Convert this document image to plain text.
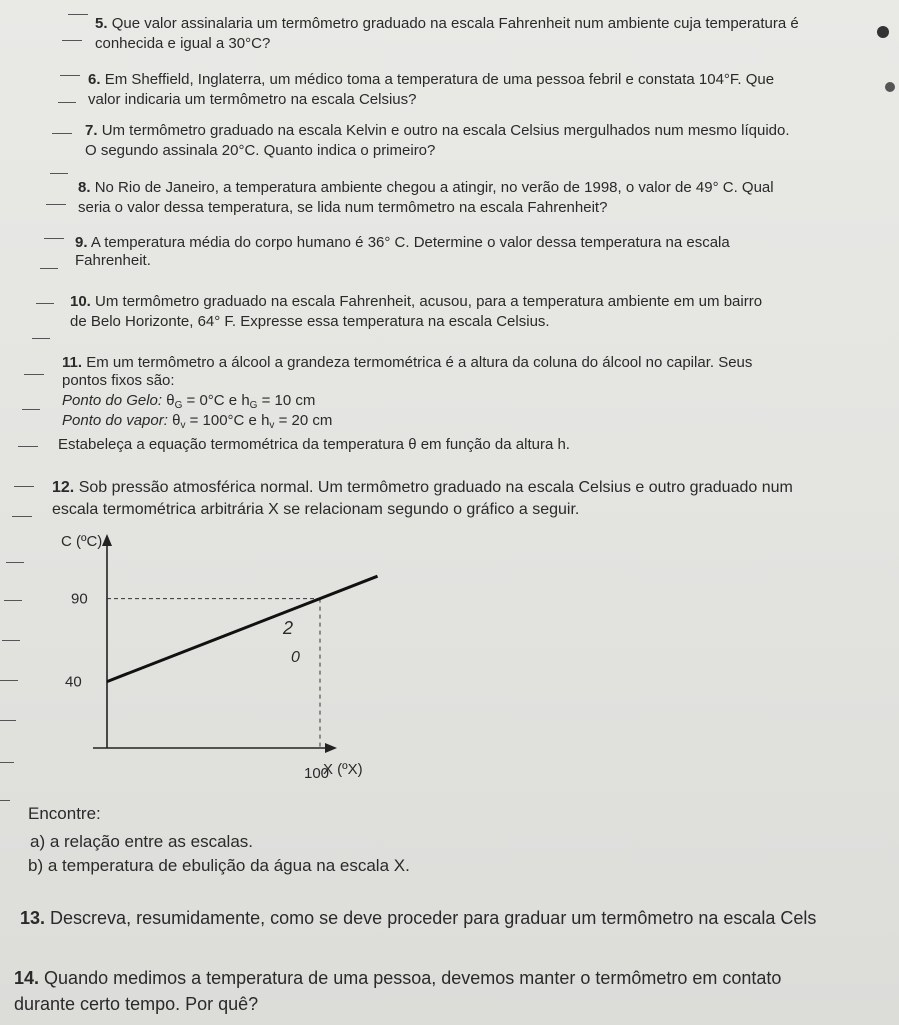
5. Que valor assinalaria um termômetro graduado na escala Fahrenheit num ambiente cuja temperatura é
conhecida e igual a 30°C?
6. Em Sheffield, Inglaterra, um médico toma a temperatura de uma pessoa febril e constata 104°F. Que
valor indicaria um termômetro na escala Celsius?
7. Um termômetro graduado na escala Kelvin e outro na escala Celsius mergulhados num mesmo líquido.
O segundo assinala 20°C. Quanto indica o primeiro?
8. No Rio de Janeiro, a temperatura ambiente chegou a atingir, no verão de 1998, o valor de 49° C. Qual
seria o valor dessa temperatura, se lida num termômetro na escala Fahrenheit?
9. A temperatura média do corpo humano é 36° C. Determine o valor dessa temperatura na escala
Fahrenheit.
10. Um termômetro graduado na escala Fahrenheit, acusou, para a temperatura ambiente em um bairro
de Belo Horizonte, 64° F. Expresse essa temperatura na escala Celsius.
11. Em um termômetro a álcool a grandeza termométrica é a altura da coluna do álcool no capilar. Seus
pontos fixos são:
Ponto do Gelo: $\theta_G = 0^\circ C$ e $h_G = 10$ cm
Ponto do vapor: $\theta_v = 100^\circ C$ e $h_v = 20$ cm
Estabeleça a equação termométrica da temperatura θ em função da altura h.
12. Sob pressão atmosférica normal. Um termômetro graduado na escala Celsius e outro graduado num
escala termométrica arbitrária X se relacionam segundo o gráfico a seguir.
100
90
40
C (ºC)
X (ºX)
2
0
Encontre:
a) a relação entre as escalas.
b) a temperatura de ebulição da água na escala X.
13. Descreva, resumidamente, como se deve proceder para graduar um termômetro na escala Cels
14. Quando medimos a temperatura de uma pessoa, devemos manter o termômetro em contato
durante certo tempo. Por quê?
